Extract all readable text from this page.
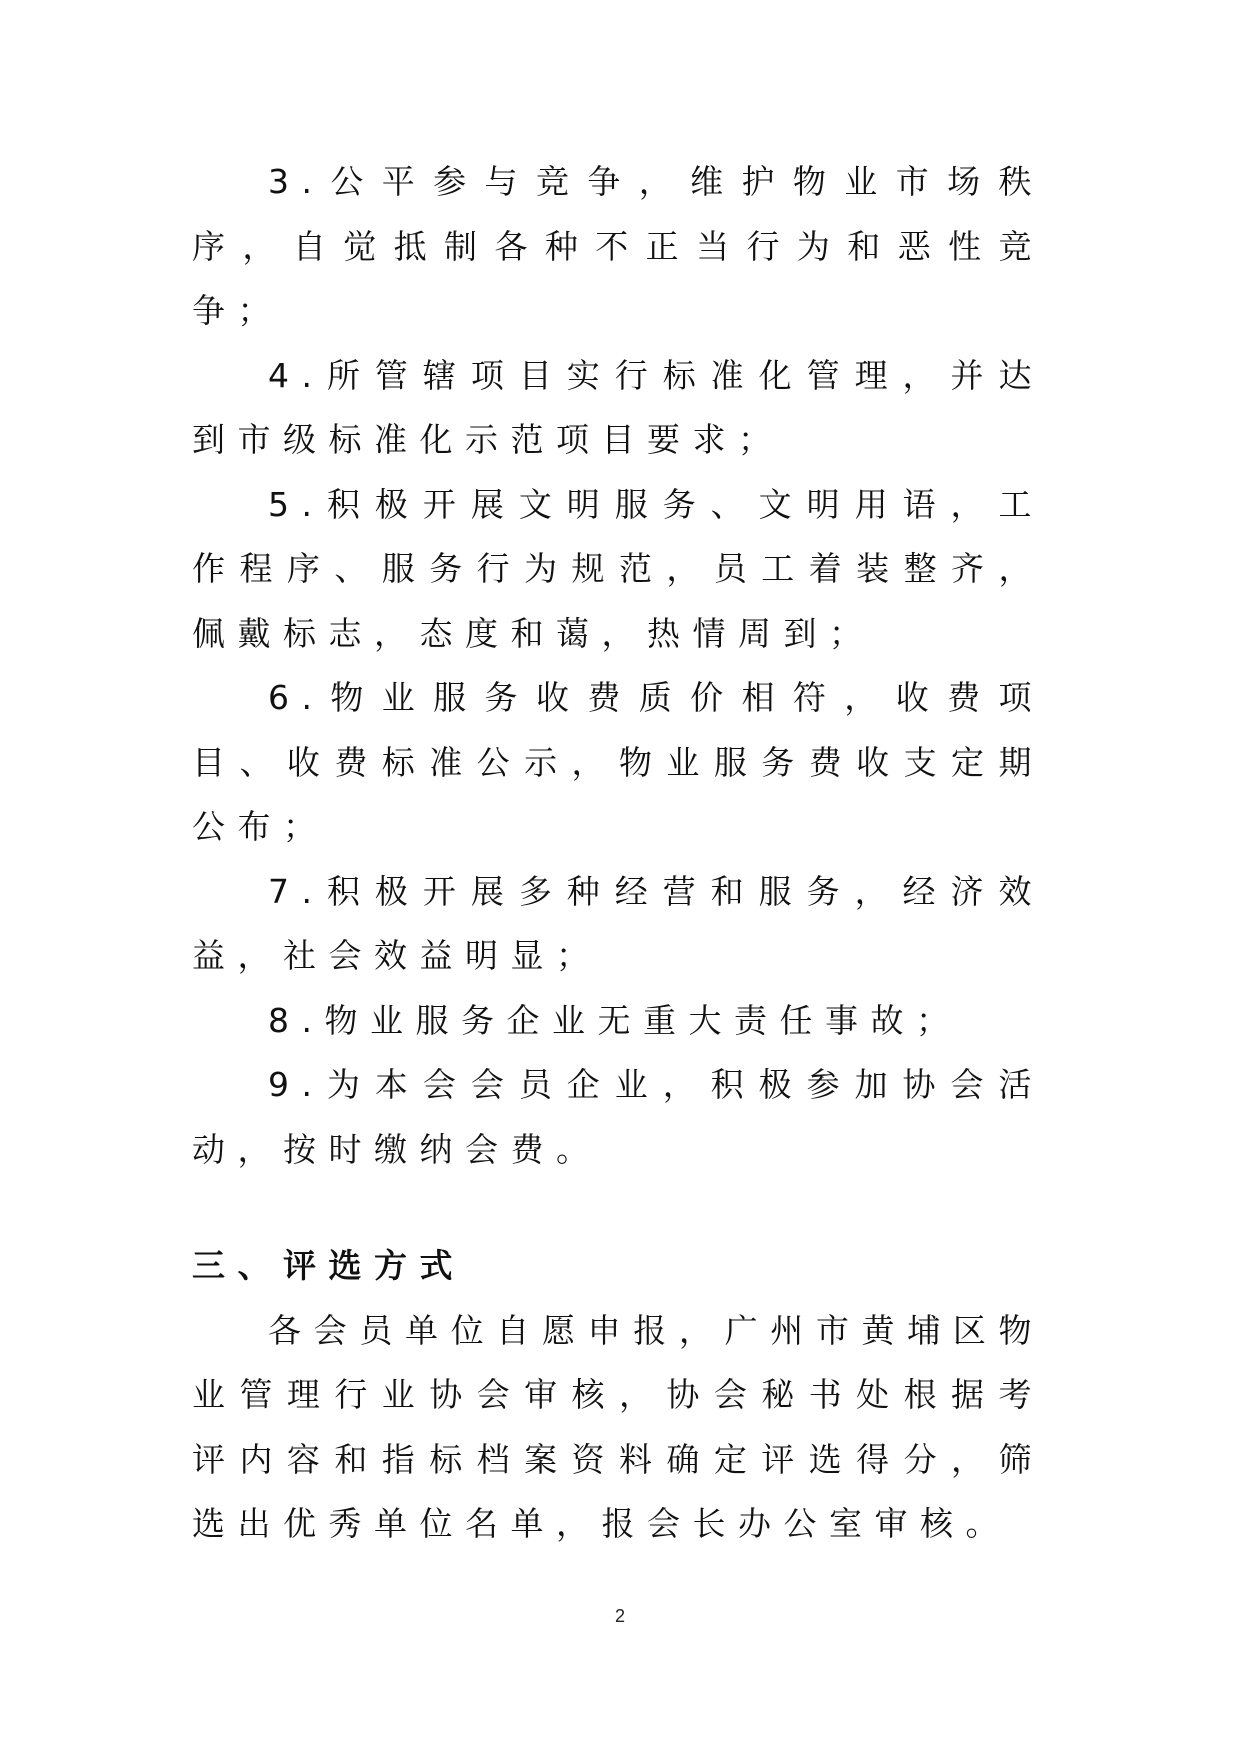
3.公平参与竞争，维护物业市场秩序，自觉抵制各种不正当行为和恶性竞争；

4.所管辖项目实行标准化管理，并达到市级标准化示范项目要求；

5.积极开展文明服务、文明用语，工作程序、服务行为规范，员工着装整齐，佩戴标志，态度和蔼，热情周到；

6.物业服务收费质价相符，收费项目、收费标准公示，物业服务费收支定期公布；

7.积极开展多种经营和服务，经济效益，社会效益明显；

8.物业服务企业无重大责任事故；

9.为本会会员企业，积极参加协会活动，按时缴纳会费。

三、评选方式

各会员单位自愿申报，广州市黄埔区物业管理行业协会审核，协会秘书处根据考评内容和指标档案资料确定评选得分，筛选出优秀单位名单，报会长办公室审核。

2
